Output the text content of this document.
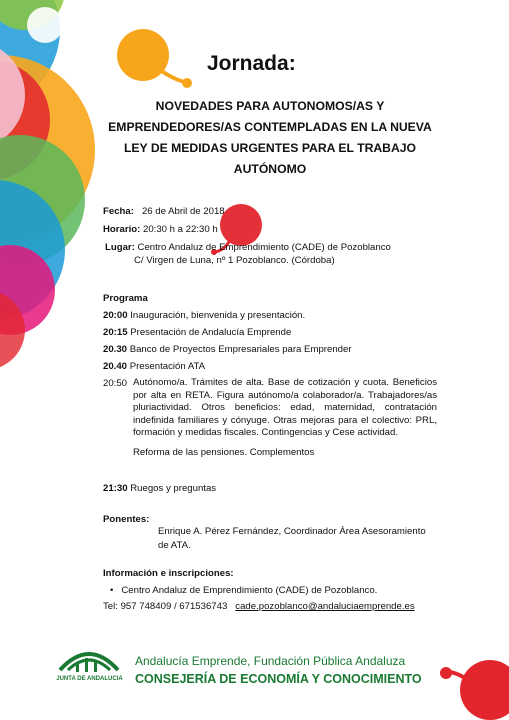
Jornada:
NOVEDADES PARA AUTONOMOS/AS Y EMPRENDEDORES/AS CONTEMPLADAS EN LA NUEVA LEY DE MEDIDAS URGENTES PARA EL TRABAJO AUTÓNOMO
Fecha: 26 de Abril de 2018
Horario: 20:30 h a 22:30 h
Lugar: Centro Andaluz de Emprendimiento (CADE) de Pozoblanco
C/ Virgen de Luna, nº 1 Pozoblanco. (Córdoba)
Programa
20:00 Inauguración, bienvenida y presentación.
20:15 Presentación de Andalucía Emprende
20.30 Banco de Proyectos Empresariales para Emprender
20.40 Presentación ATA
20:50 Autónomo/a. Trámites de alta. Base de cotización y cuota. Beneficios por alta en RETA. Figura autónomo/a colaborador/a. Trabajadores/as pluriactividad. Otros beneficios: edad, maternidad, contratación indefinida familiares y cónyuge. Otras mejoras para el colectivo: PRL, formación y medidas fiscales. Contingencias y Cese actividad.
Reforma de las pensiones. Complementos
21:30 Ruegos y preguntas
Ponentes:
Enrique A. Pérez Fernández, Coordinador Área Asesoramiento de ATA.
Información e inscripciones:
• Centro Andaluz de Emprendimiento (CADE) de Pozoblanco.
Tel: 957 748409 / 671536743 cade.pozoblanco@andaluciaemprende.es
JUNTA DE ANDALUCIA
Andalucía Emprende, Fundación Pública Andaluza
CONSEJERÍA DE ECONOMÍA Y CONOCIMIENTO
